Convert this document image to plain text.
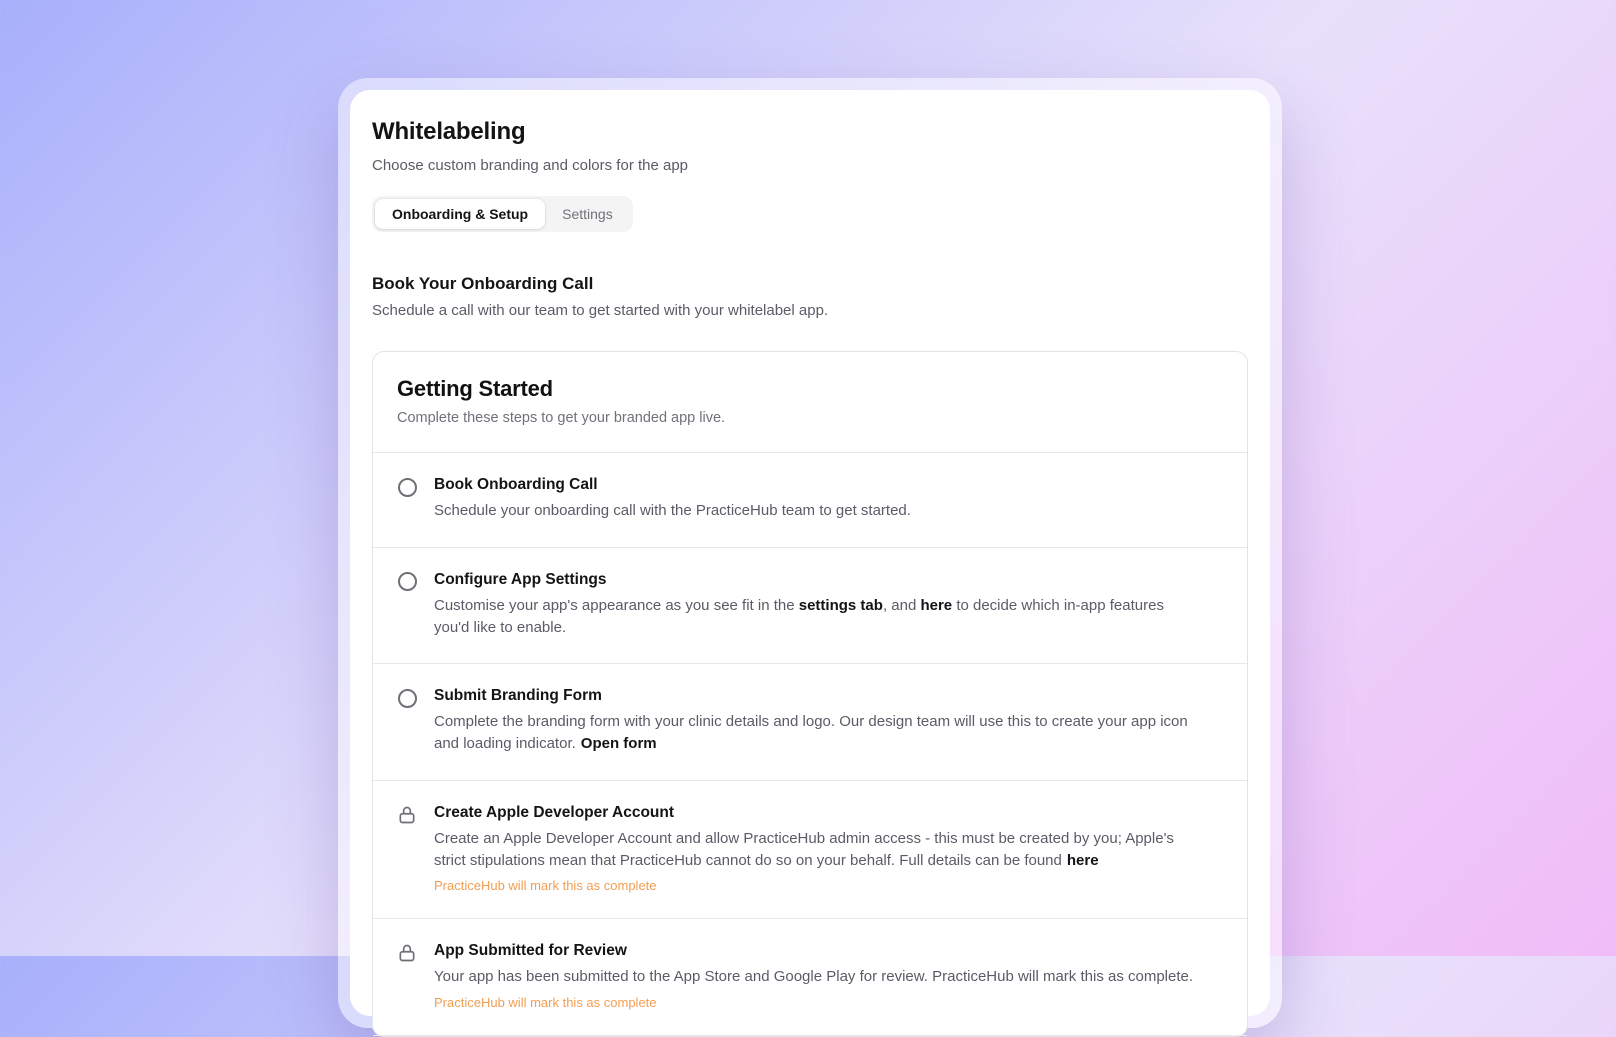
Whitelabeling

Choose custom branding and colors for the app

Onboarding & Setup	Settings
Book Your Onboarding Call

Schedule a call with our team to get started with your whitelabel app.

Getting Started

Complete these steps to get your branded app live.

Book Onboarding Call
Schedule your onboarding call with the PracticeHub team to get started.
Configure App Settings
Customise your app's appearance as you see fit in the settings tab, and here to decide which in-app features you'd like to enable.
Submit Branding Form
Complete the branding form with your clinic details and logo. Our design team will use this to create your app icon and loading indicator. Open form
Create Apple Developer Account
Create an Apple Developer Account and allow PracticeHub admin access - this must be created by you; Apple's strict stipulations mean that PracticeHub cannot do so on your behalf. Full details can be found here
PracticeHub will mark this as complete
App Submitted for Review
Your app has been submitted to the App Store and Google Play for review. PracticeHub will mark this as complete.
PracticeHub will mark this as complete
